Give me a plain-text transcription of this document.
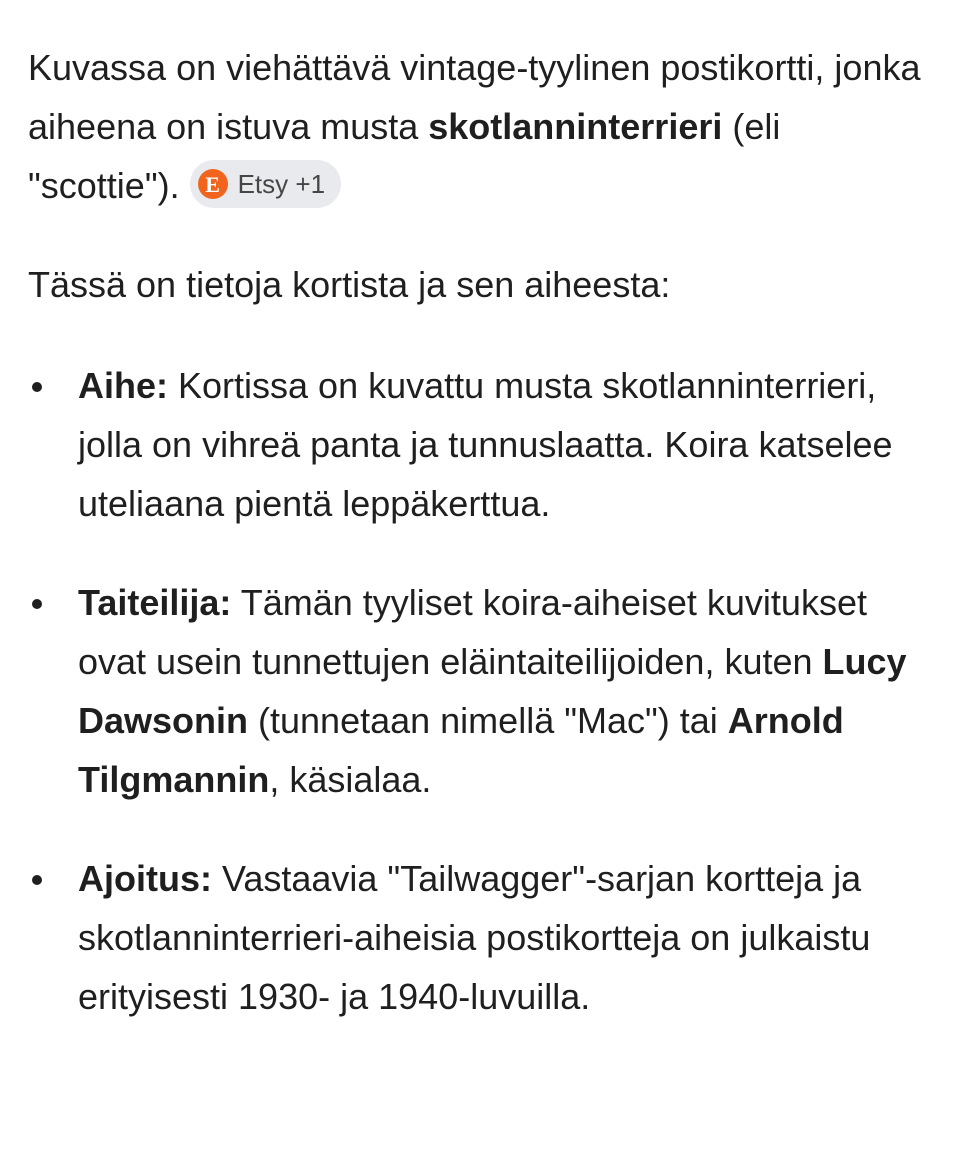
Kuvassa on viehättävä vintage-tyylinen postikortti, jonka aiheena on istuva musta skotlanninterrieri (eli "scottie").	E Etsy +1

Tässä on tietoja kortista ja sen aiheesta:

Aihe: Kortissa on kuvattu musta skotlanninterrieri, jolla on vihreä panta ja tunnuslaatta. Koira katselee uteliaana pientä leppäkerttua.

Taiteilija: Tämän tyyliset koira-aiheiset kuvitukset ovat usein tunnettujen eläintaiteilijoiden, kuten Lucy Dawsonin (tunnetaan nimellä "Mac") tai Arnold Tilgmannin, käsialaa.

Ajoitus: Vastaavia "Tailwagger"-sarjan kortteja ja skotlanninterrieri-aiheisia postikortteja on julkaistu erityisesti 1930- ja 1940-luvuilla.
